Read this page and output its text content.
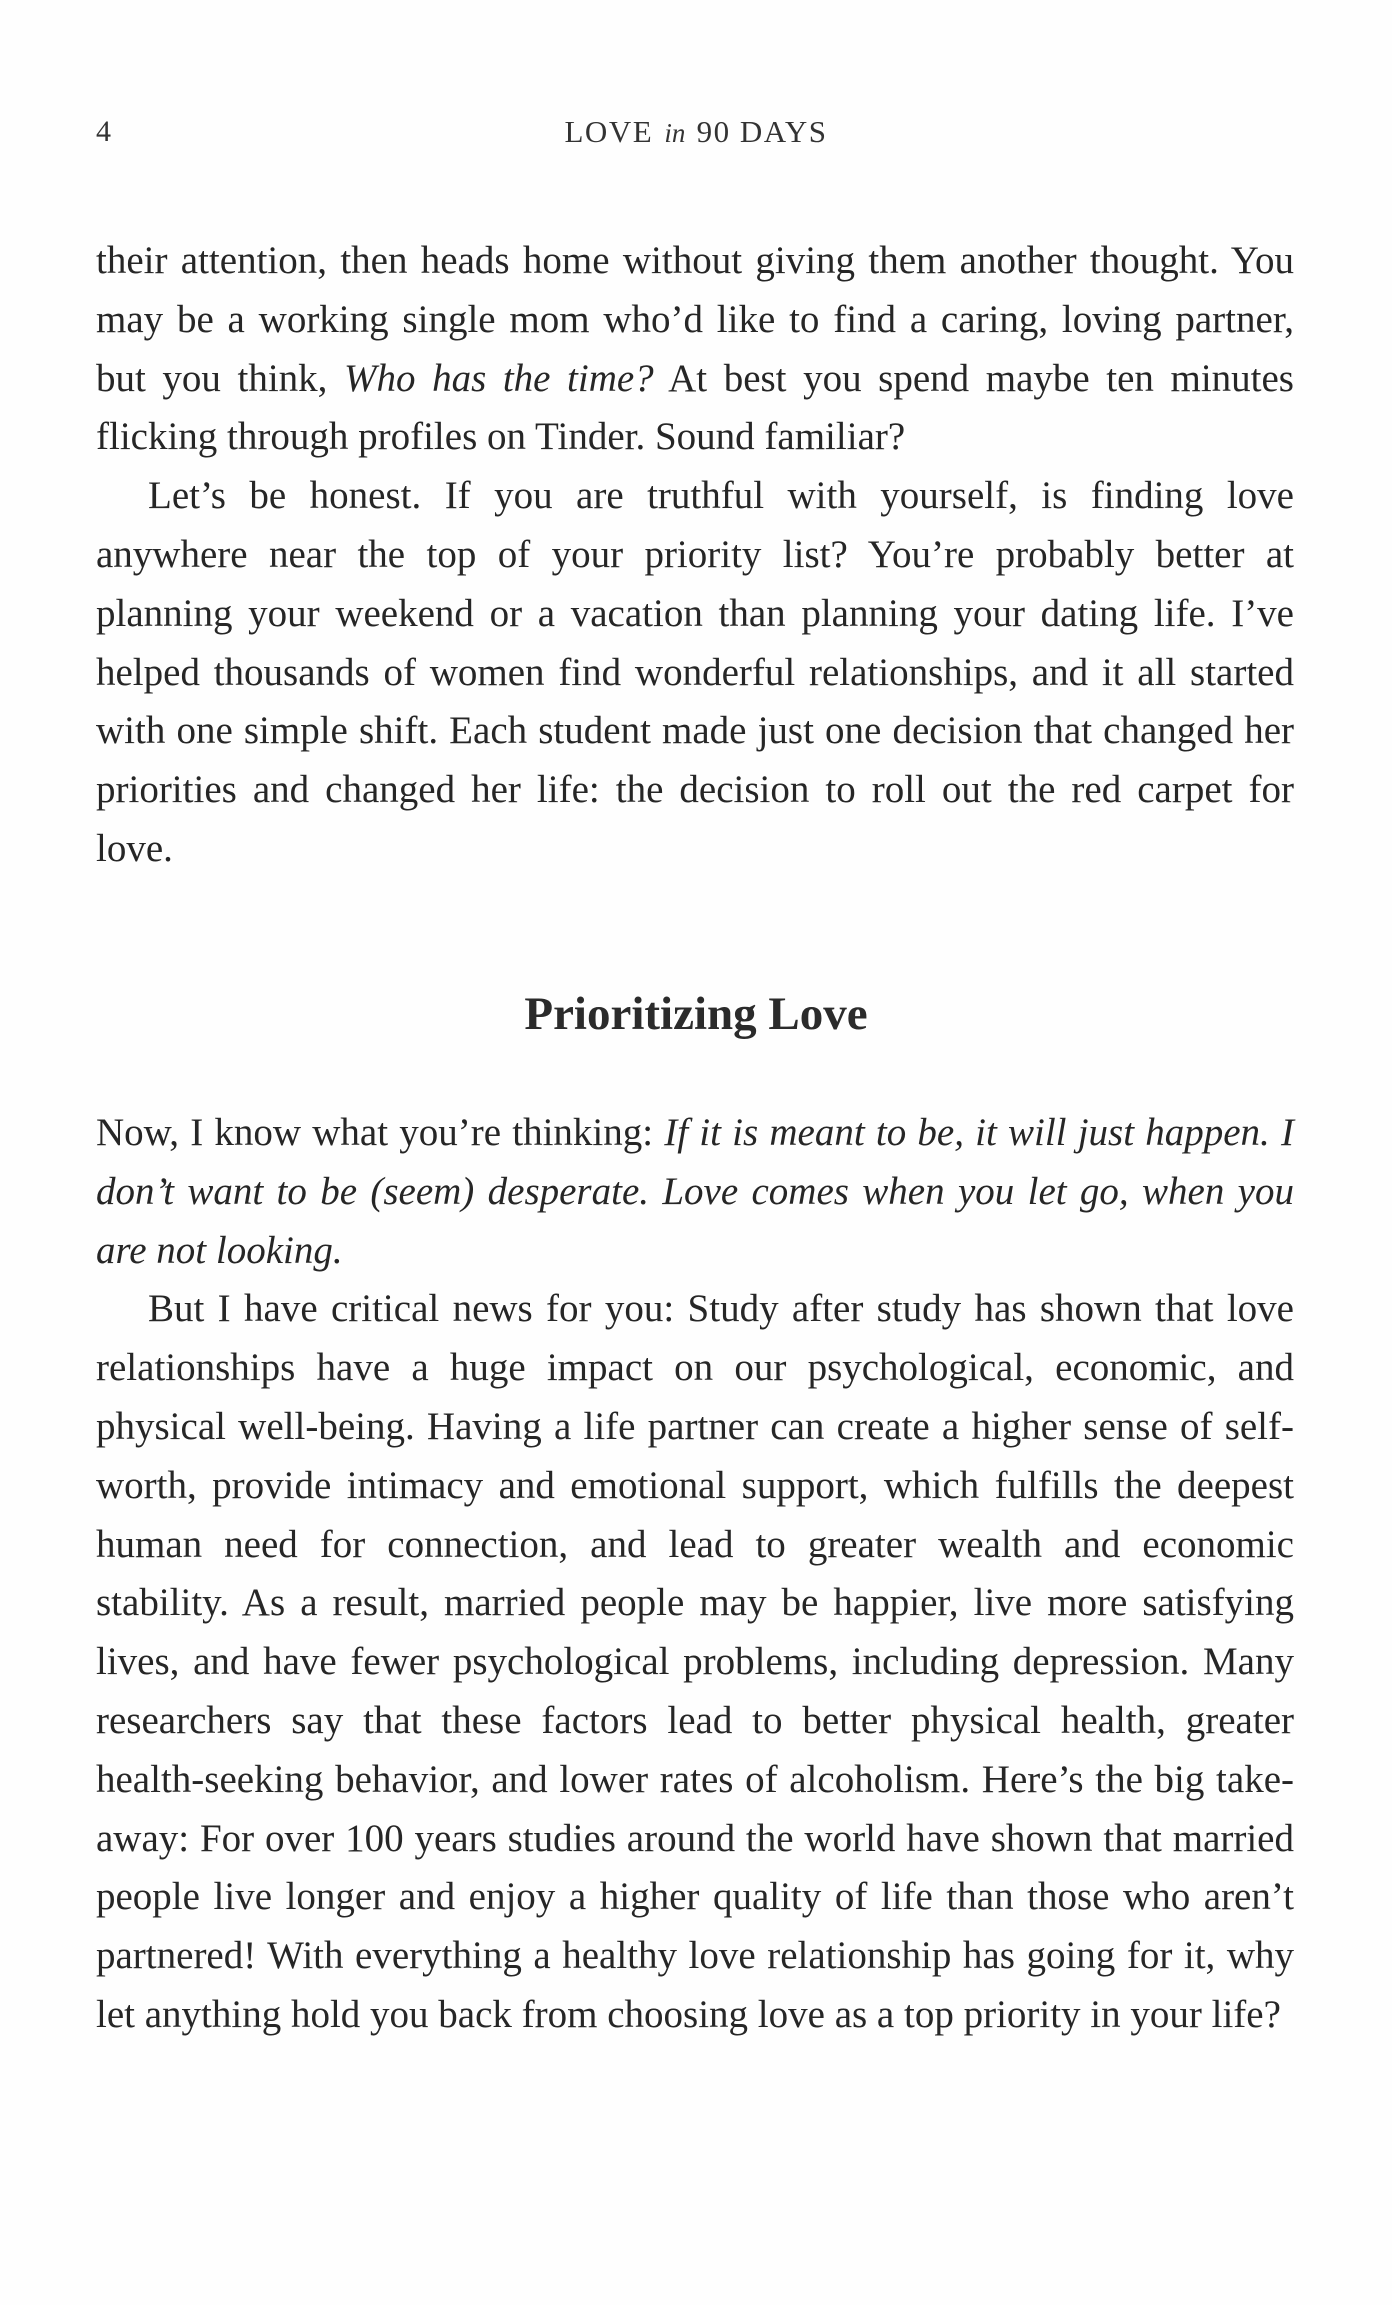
4	LOVE in 90 DAYS

their attention, then heads home without giving them another thought. You may be a working single mom who’d like to find a caring, loving partner, but you think, Who has the time? At best you spend maybe ten minutes flicking through profiles on Tinder. Sound familiar?

Let’s be honest. If you are truthful with yourself, is finding love anywhere near the top of your priority list? You’re probably better at planning your weekend or a vacation than planning your dating life. I’ve helped thousands of women find wonderful relationships, and it all started with one simple shift. Each student made just one decision that changed her priorities and changed her life: the decision to roll out the red carpet for love.

Prioritizing Love

Now, I know what you’re thinking: If it is meant to be, it will just happen. I don’t want to be (seem) desperate. Love comes when you let go, when you are not looking.

But I have critical news for you: Study after study has shown that love relationships have a huge impact on our psychological, economic, and physical well-being. Having a life partner can create a higher sense of self-worth, provide intimacy and emotional support, which fulfills the deepest human need for connection, and lead to greater wealth and economic stability. As a result, married people may be happier, live more satisfying lives, and have fewer psychological problems, including depression. Many researchers say that these factors lead to better physical health, greater health-seeking behavior, and lower rates of alcoholism. Here’s the big take-away: For over 100 years studies around the world have shown that married people live longer and enjoy a higher quality of life than those who aren’t partnered! With everything a healthy love relationship has going for it, why let anything hold you back from choosing love as a top priority in your life?
